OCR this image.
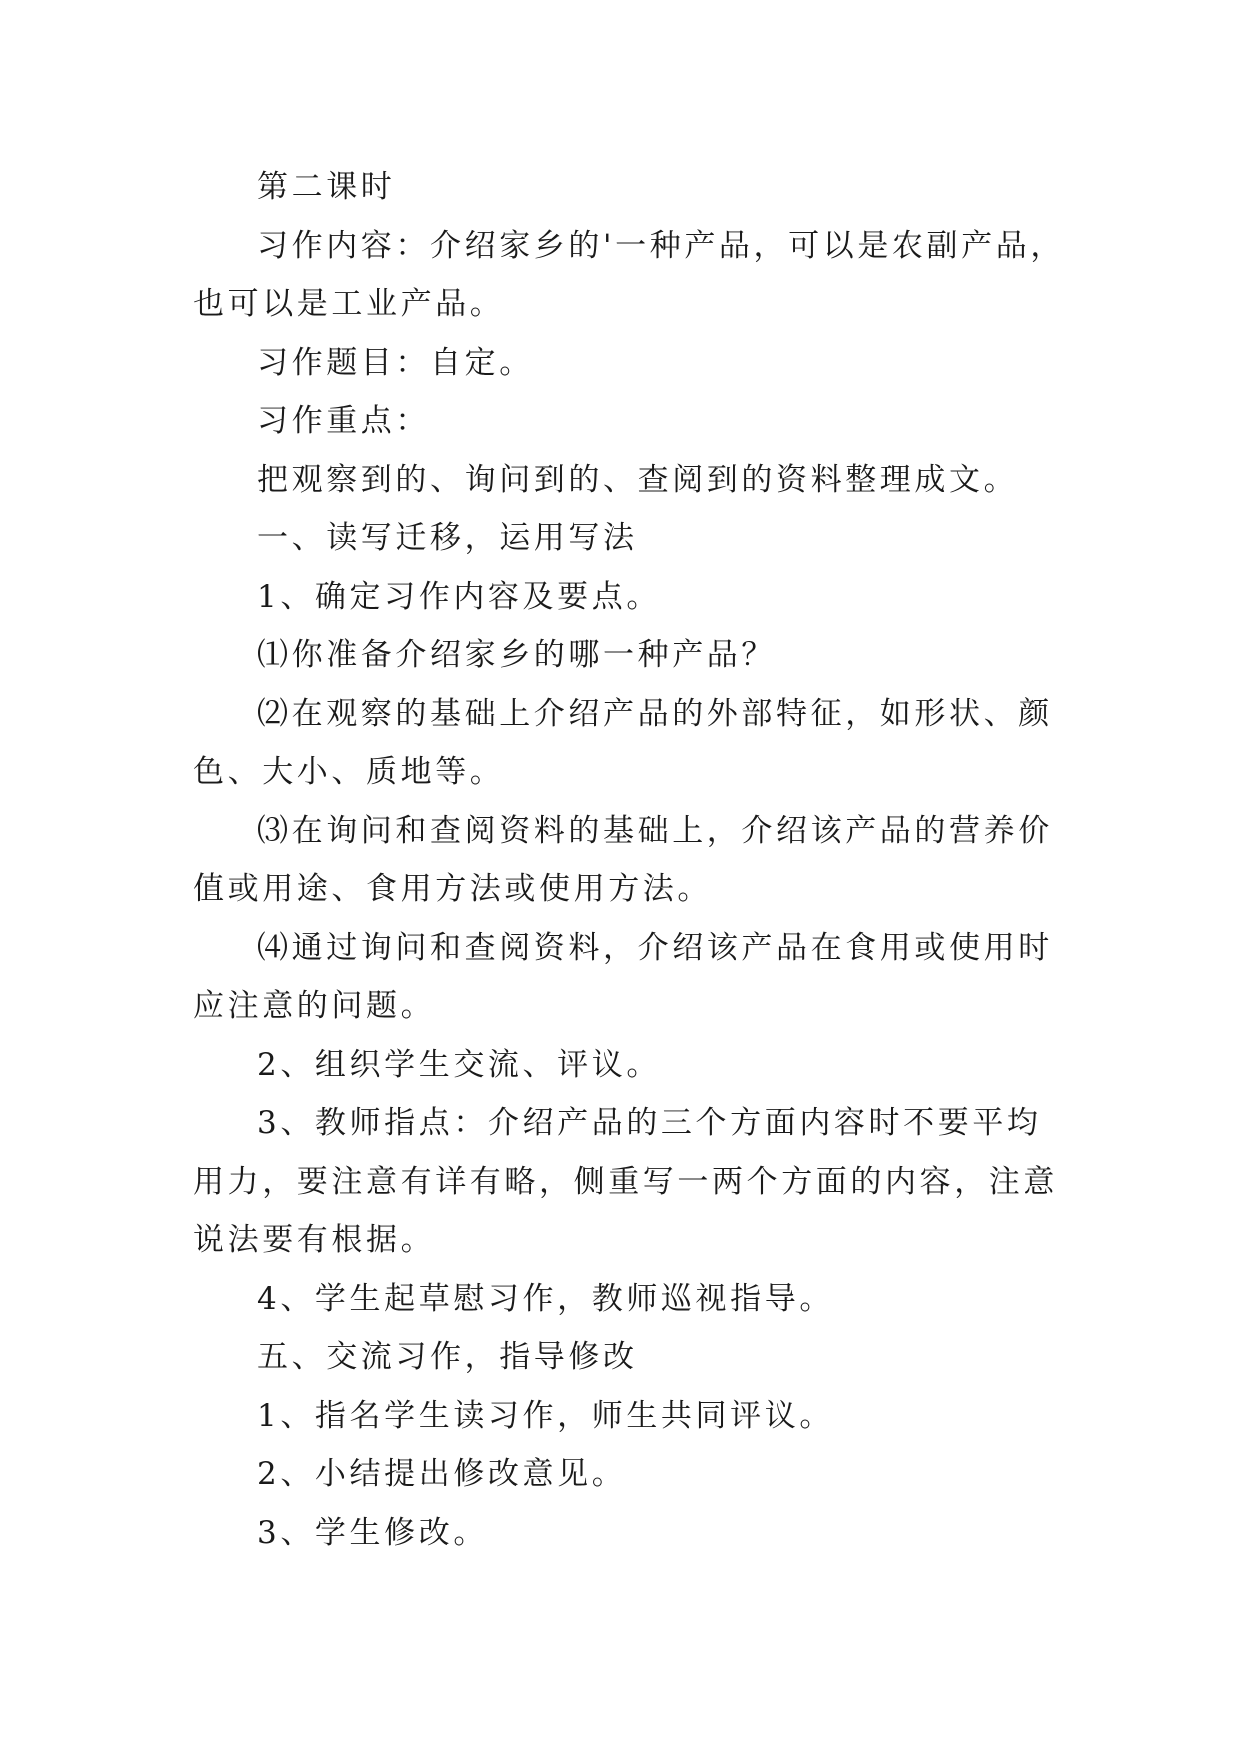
第二课时

习作内容：介绍家乡的'一种产品，可以是农副产品，也可以是工业产品。

习作题目：自定。

习作重点：

把观察到的、询问到的、查阅到的资料整理成文。

一、读写迁移，运用写法

1、确定习作内容及要点。

⑴你准备介绍家乡的哪一种产品？

⑵在观察的基础上介绍产品的外部特征，如形状、颜色、大小、质地等。

⑶在询问和查阅资料的基础上，介绍该产品的营养价值或用途、食用方法或使用方法。

⑷通过询问和查阅资料，介绍该产品在食用或使用时应注意的问题。

2、组织学生交流、评议。

3、教师指点：介绍产品的三个方面内容时不要平均用力，要注意有详有略，侧重写一两个方面的内容，注意说法要有根据。

4、学生起草慰习作，教师巡视指导。

五、交流习作，指导修改

1、指名学生读习作，师生共同评议。

2、小结提出修改意见。

3、学生修改。
